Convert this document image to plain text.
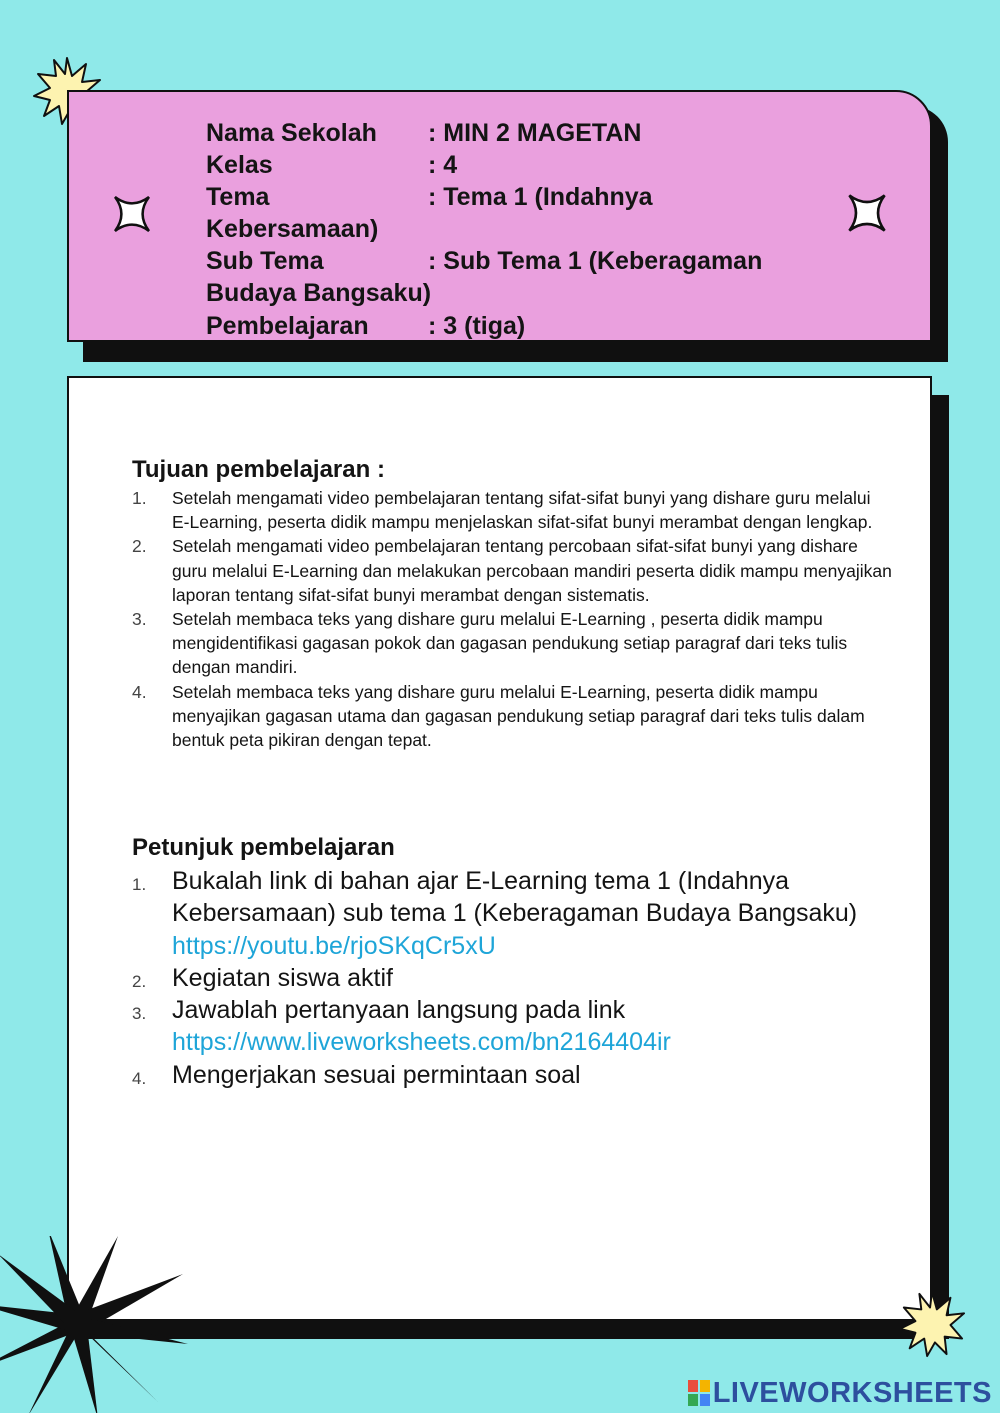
Nama Sekolah : MIN 2 MAGETAN
Kelas	: 4
Tema	: Tema 1 (Indahnya
Kebersamaan)
Sub Tema	: Sub Tema 1 (Keberagaman
Budaya Bangsaku)
Pembelajaran : 3 (tiga)
Tujuan pembelajaran :
1. Setelah mengamati video pembelajaran tentang sifat-sifat bunyi yang dishare guru melalui E-Learning, peserta didik mampu menjelaskan sifat-sifat bunyi merambat dengan lengkap.
2. Setelah mengamati video pembelajaran tentang percobaan sifat-sifat bunyi yang dishare guru melalui E-Learning dan melakukan percobaan mandiri peserta didik mampu menyajikan laporan tentang sifat-sifat bunyi merambat dengan sistematis.
3. Setelah membaca teks yang dishare guru melalui E-Learning , peserta didik mampu mengidentifikasi gagasan pokok dan gagasan pendukung setiap paragraf dari teks tulis dengan mandiri.
4. Setelah membaca teks yang dishare guru melalui E-Learning, peserta didik mampu menyajikan gagasan utama dan gagasan pendukung setiap paragraf dari teks tulis dalam bentuk peta pikiran dengan tepat.
Petunjuk pembelajaran
1. Bukalah link di bahan ajar E-Learning tema 1 (Indahnya Kebersamaan) sub tema 1 (Keberagaman Budaya Bangsaku) https://youtu.be/rjoSKqCr5xU
2. Kegiatan siswa aktif
3. Jawablah pertanyaan langsung pada link
https://www.liveworksheets.com/bn2164404ir
4. Mengerjakan sesuai permintaan soal
LIVEWORKSHEETS
